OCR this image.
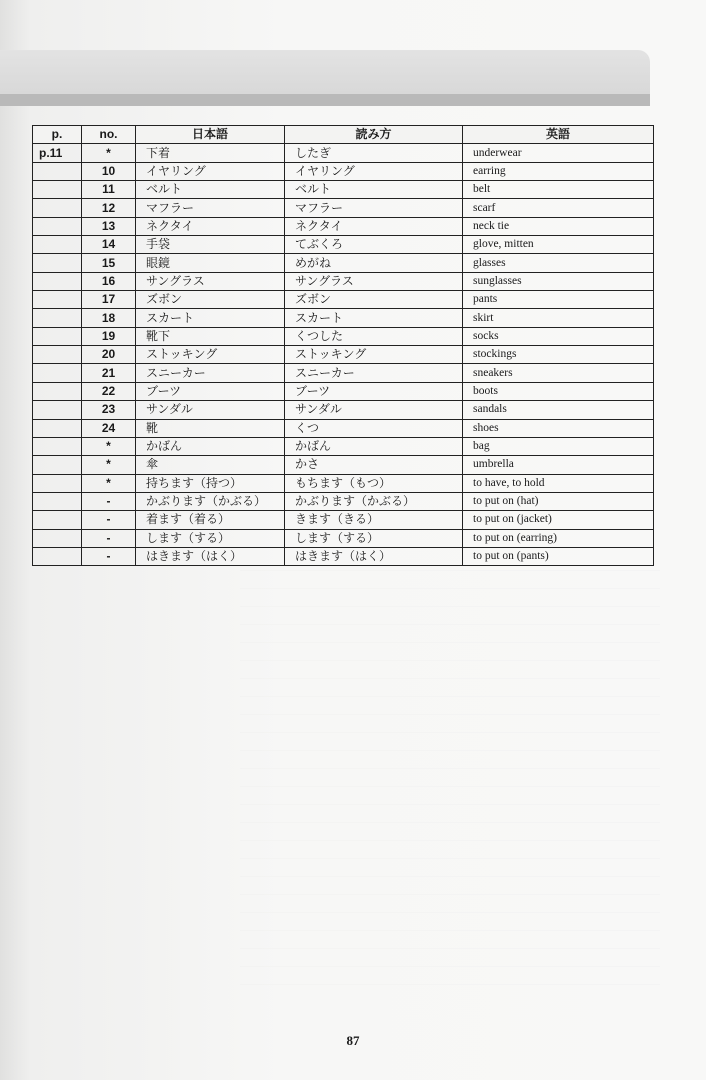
p.	no.	日本語	読み方	英語
p.11	*	下着	したぎ	underwear
	10	イヤリング	イヤリング	earring
	11	ベルト	ベルト	belt
	12	マフラー	マフラー	scarf
	13	ネクタイ	ネクタイ	neck tie
	14	手袋	てぶくろ	glove, mitten
	15	眼鏡	めがね	glasses
	16	サングラス	サングラス	sunglasses
	17	ズボン	ズボン	pants
	18	スカート	スカート	skirt
	19	靴下	くつした	socks
	20	ストッキング	ストッキング	stockings
	21	スニーカー	スニーカー	sneakers
	22	ブーツ	ブーツ	boots
	23	サンダル	サンダル	sandals
	24	靴	くつ	shoes
	*	かばん	かばん	bag
	*	傘	かさ	umbrella
	*	持ちます（持つ）	もちます（もつ）	to have, to hold
	-	かぶります（かぶる）	かぶります（かぶる）	to put on (hat)
	-	着ます（着る）	きます（きる）	to put on (jacket)
	-	します（する）	します（する）	to put on (earring)
	-	はきます（はく）	はきます（はく）	to put on (pants)
87
